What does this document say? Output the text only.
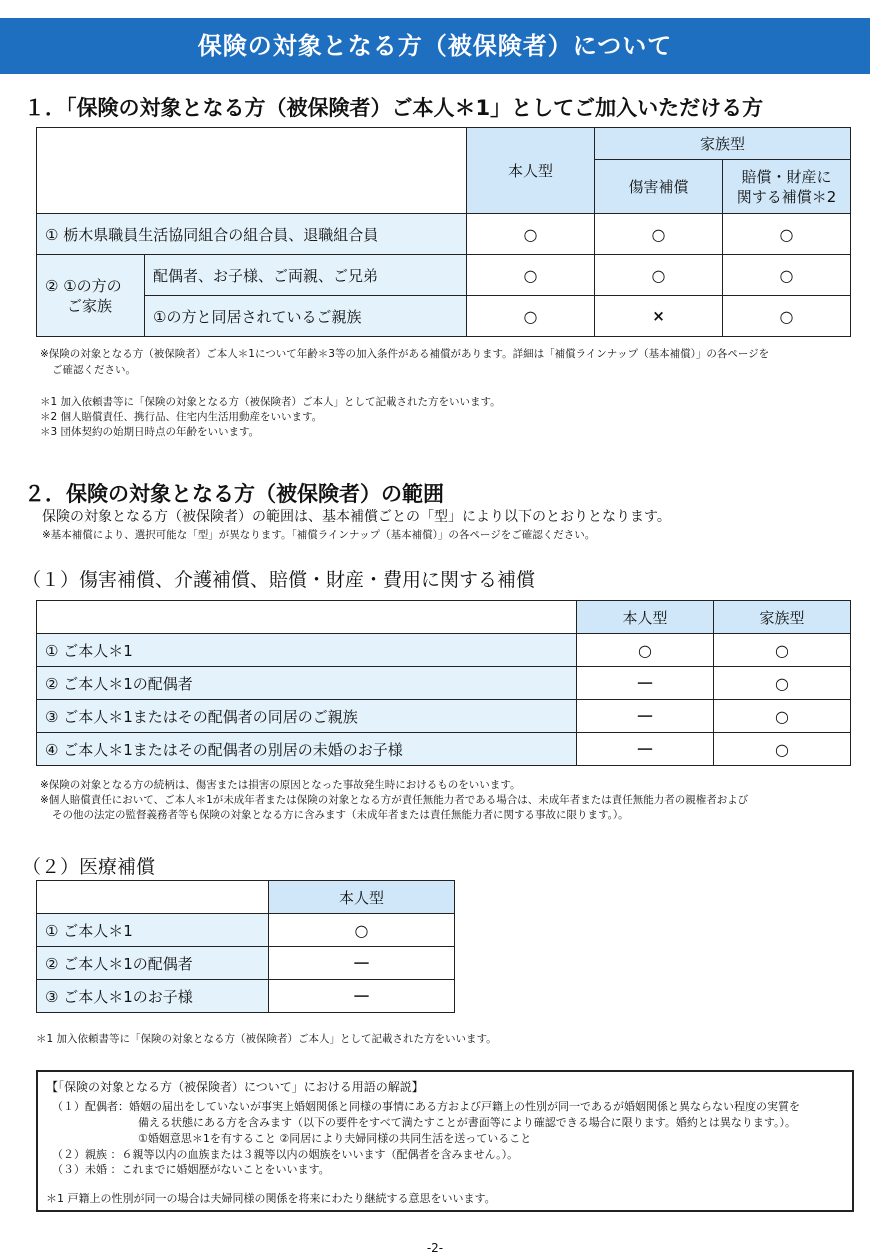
保険の対象となる方（被保険者）について
１．「保険の対象となる方（被保険者）ご本人＊1」としてご加入いただける方
		本人型	家族型	
			傷害補償	賠償・財産に
関する補償＊2
① 栃木県職員生活協同組合の組合員、退職組合員		○	○	○
② ①の方の
ご家族	配偶者、お子様、ご両親、ご兄弟	○	○	○
	①の方と同居されているご親族	○	×	○
※保険の対象となる方（被保険者）ご本人＊1について年齢＊3等の加入条件がある補償があります。詳細は「補償ラインナップ（基本補償）」の各ページを
ご確認ください。
＊1 加入依頼書等に「保険の対象となる方（被保険者）ご本人」として記載された方をいいます。
＊2 個人賠償責任、携行品、住宅内生活用動産をいいます。
＊3 団体契約の始期日時点の年齢をいいます。
２．保険の対象となる方（被保険者）の範囲
保険の対象となる方（被保険者）の範囲は、基本補償ごとの「型」により以下のとおりとなります。
※基本補償により、選択可能な「型」が異なります。「補償ラインナップ（基本補償）」の各ページをご確認ください。
（１）傷害補償、介護補償、賠償・財産・費用に関する補償
	本人型	家族型
① ご本人＊1	○	○
② ご本人＊1の配偶者	－	○
③ ご本人＊1またはその配偶者の同居のご親族	－	○
④ ご本人＊1またはその配偶者の別居の未婚のお子様	－	○
※保険の対象となる方の続柄は、傷害または損害の原因となった事故発生時におけるものをいいます。
※個人賠償責任において、ご本人＊1が未成年者または保険の対象となる方が責任無能力者である場合は、未成年者または責任無能力者の親権者および
その他の法定の監督義務者等も保険の対象となる方に含みます（未成年者または責任無能力者に関する事故に限ります。）。
（２）医療補償
	本人型
① ご本人＊1	○
② ご本人＊1の配偶者	－
③ ご本人＊1のお子様	－
＊1 加入依頼書等に「保険の対象となる方（被保険者）ご本人」として記載された方をいいます。
【「保険の対象となる方（被保険者）について」における用語の解説】
（１）配偶者：婚姻の届出をしていないが事実上婚姻関係と同様の事情にある方および戸籍上の性別が同一であるが婚姻関係と異ならない程度の実質を
備える状態にある方を含みます（以下の要件をすべて満たすことが書面等により確認できる場合に限ります。婚約とは異なります。）。
①婚姻意思＊1を有すること ②同居により夫婦同様の共同生活を送っていること
（２）親族 ：６親等以内の血族または３親等以内の姻族をいいます（配偶者を含みません。）。
（３）未婚 ：これまでに婚姻歴がないことをいいます。
＊1 戸籍上の性別が同一の場合は夫婦同様の関係を将来にわたり継続する意思をいいます。
-2-
